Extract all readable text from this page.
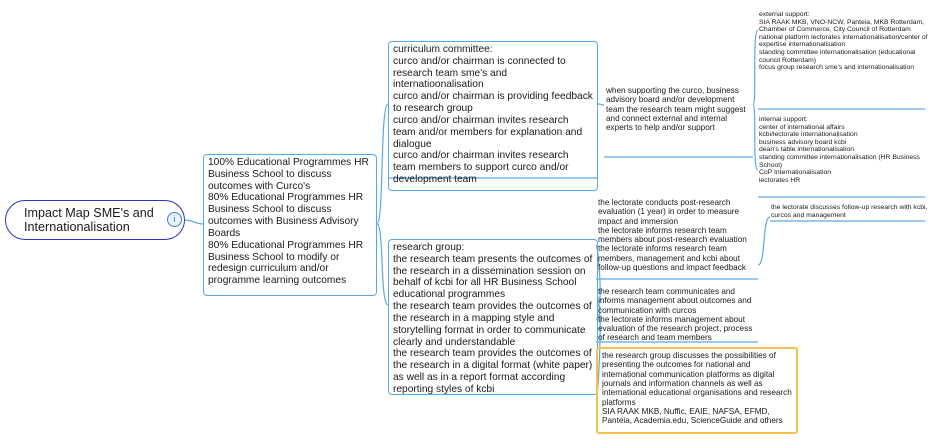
Impact Map SME's and Internationalisation
i
100% Educational Programmes HR Business School to discuss outcomes with Curco's
80% Educational Programmes HR Business School to discuss outcomes with Business Advisory Boards
80% Educational Programmes HR Business School to modify or redesign curriculum and/or programme learning outcomes
curriculum committee:
curco and/or chairman is connected to research team sme's and internatioonalisation
curco and/or chairman is providing feedback to research group
curco and/or chairman invites research team and/or members for explanation and dialogue
curco and/or chairman invites research team members to support curco and/or development team
when supporting the curco, business advisory board and/or development team the research team might suggest and connect external and internal experts to help and/or support
external support:
SIA RAAK MKB, VNO-NCW, Panteia, MKB Rotterdam, Chamber of Commerce, City Council of Rotterdam
national platform lectorates internationalisation/center of expertise internationalisation
standing committee internationalisation (educational council Rotterdam)
focus group research sme's and internationalisation
internal support:
center of international affairs
kcbi/lectorate internationalisation
business advisory board kcbi
dean's table internationalisation
standing committee internationalisation (HR Business School)
CoP Internationalisation
lectorates HR
research group:
the research team presents the outcomes of the research in a dissemination session on behalf of kcbi for all HR Business School educational programmes
the research team provides the outcomes of the research in a mapping style and storytelling format in order to communicate clearly and understandable
the research team provides the outcomes of the research in a digital format (white paper) as well as in a report format according reporting styles of kcbi
the lectorate conducts post-research evaluation (1 year) in order to measure impact and immersion
the lectorate informs research team members about post-research evaluation
the lectorate informs research team members, management and kcbi about follow-up questions and impact feedback
the lectorate discusses follow-up research with kcbi, curcos and management
the research team communicates and informs management about outcomes and communication with curcos
the lectorate informs management about evaluation of the research project, process of research and team members
the research group discusses the possibilities of presenting the outcomes for national and international communication platforms as digital journals and information channels as well as international educational organisations and research platforms
SIA RAAK MKB, Nuffic, EAIE, NAFSA, EFMD, Panteia, Academia.edu, ScienceGuide and others
